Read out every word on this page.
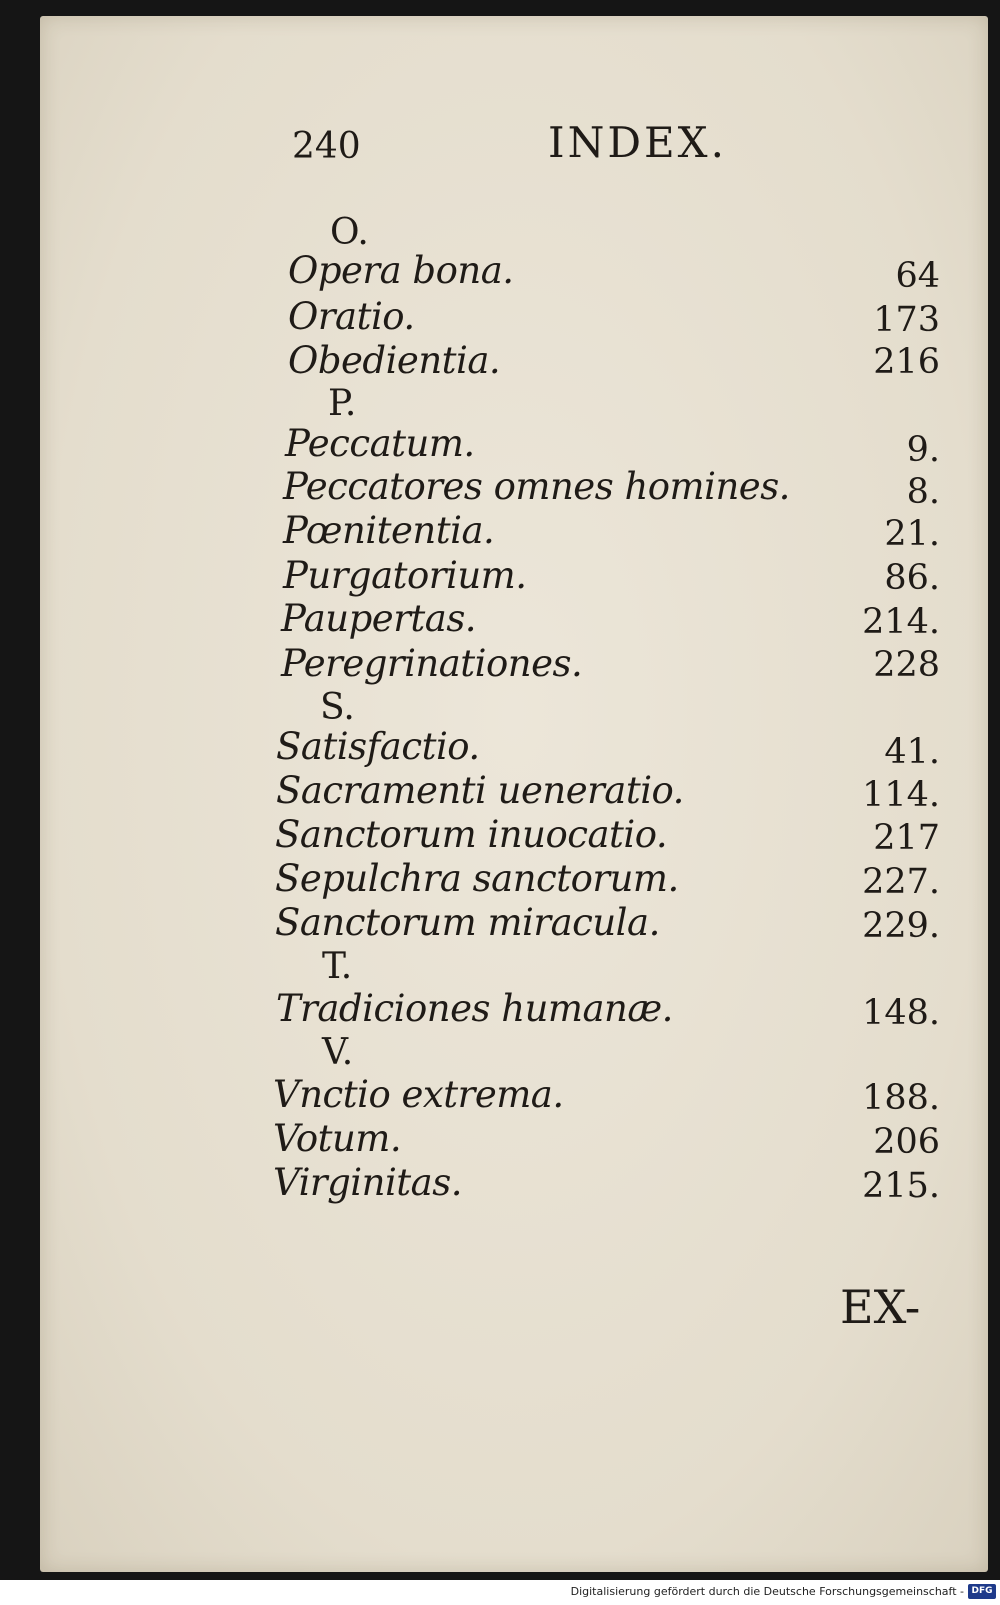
240	INDEX.
O.
Opera bona.	64
Oratio.	173
Obedientia.	216
P.
Peccatum.	9.
Peccatores omnes homines.	8.
Pœnitentia.	21.
Purgatorium.	86.
Paupertas.	214.
Peregrinationes.	228
S.
Satisfactio.	41.
Sacramenti ueneratio.	114.
Sanctorum inuocatio.	217
Sepulchra sanctorum.	227.
Sanctorum miracula.	229.
T.
Tradiciones humanæ.	148.
V.
Vnctio extrema.	188.
Votum.	206
Virginitas.	215.
EX-
Digitalisierung gefördert durch die Deutsche Forschungsgemeinschaft - DFG
